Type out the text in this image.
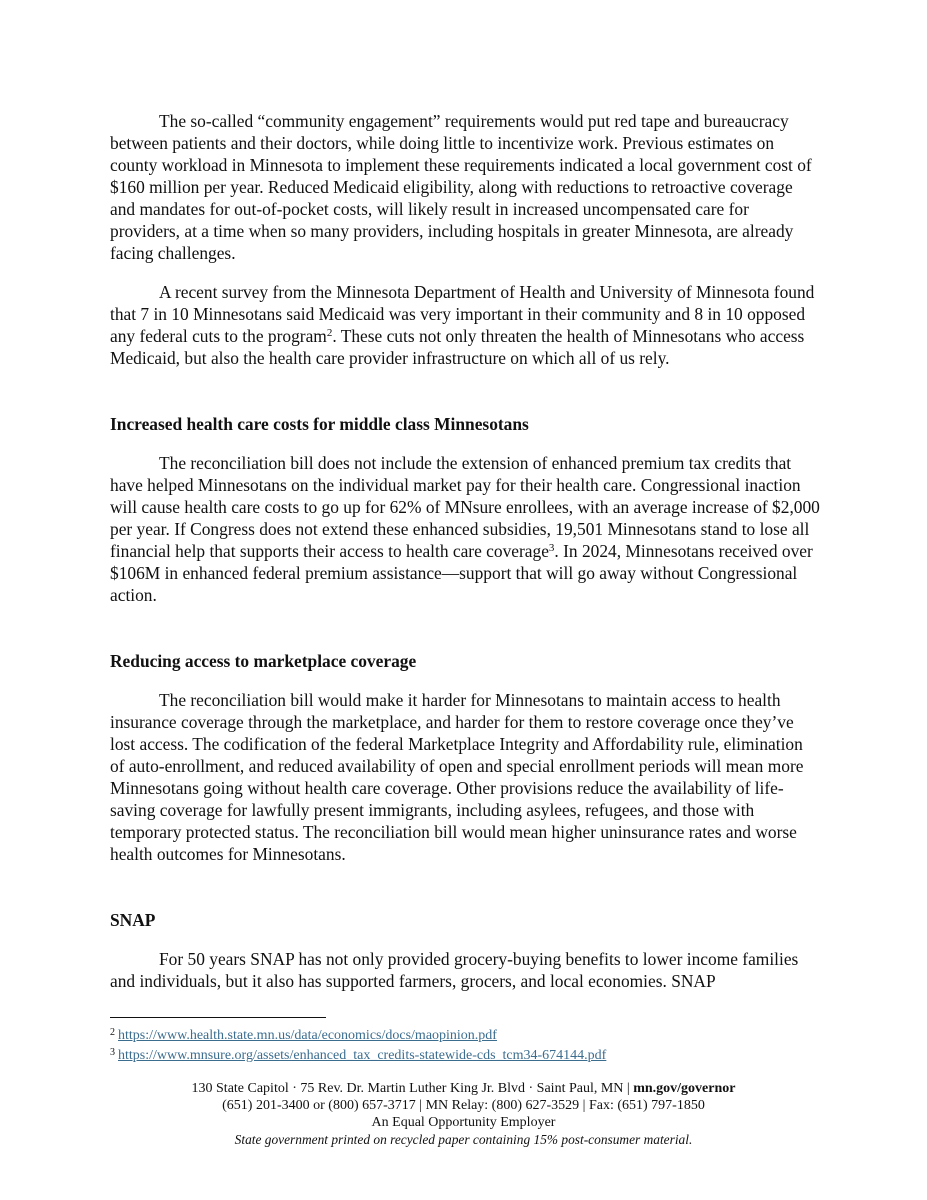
The so-called “community engagement” requirements would put red tape and bureaucracy between patients and their doctors, while doing little to incentivize work. Previous estimates on county workload in Minnesota to implement these requirements indicated a local government cost of $160 million per year. Reduced Medicaid eligibility, along with reductions to retroactive coverage and mandates for out-of-pocket costs, will likely result in increased uncompensated care for providers, at a time when so many providers, including hospitals in greater Minnesota, are already facing challenges.

A recent survey from the Minnesota Department of Health and University of Minnesota found that 7 in 10 Minnesotans said Medicaid was very important in their community and 8 in 10 opposed any federal cuts to the program$^2$. These cuts not only threaten the health of Minnesotans who access Medicaid, but also the health care provider infrastructure on which all of us rely.

Increased health care costs for middle class Minnesotans

The reconciliation bill does not include the extension of enhanced premium tax credits that have helped Minnesotans on the individual market pay for their health care. Congressional inaction will cause health care costs to go up for 62% of MNsure enrollees, with an average increase of $2,000 per year. If Congress does not extend these enhanced subsidies, 19,501 Minnesotans stand to lose all financial help that supports their access to health care coverage$^3$. In 2024, Minnesotans received over $106M in enhanced federal premium assistance—support that will go away without Congressional action.

Reducing access to marketplace coverage

The reconciliation bill would make it harder for Minnesotans to maintain access to health insurance coverage through the marketplace, and harder for them to restore coverage once they’ve lost access. The codification of the federal Marketplace Integrity and Affordability rule, elimination of auto-enrollment, and reduced availability of open and special enrollment periods will mean more Minnesotans going without health care coverage. Other provisions reduce the availability of life-saving coverage for lawfully present immigrants, including asylees, refugees, and those with temporary protected status. The reconciliation bill would mean higher uninsurance rates and worse health outcomes for Minnesotans.

SNAP

For 50 years SNAP has not only provided grocery-buying benefits to lower income families and individuals, but it also has supported farmers, grocers, and local economies. SNAP

$^2$ https://www.health.state.mn.us/data/economics/docs/maopinion.pdf
$^3$ https://www.mnsure.org/assets/enhanced_tax_credits-statewide-cds_tcm34-674144.pdf
130 State Capitol · 75 Rev. Dr. Martin Luther King Jr. Blvd · Saint Paul, MN | mn.gov/governor
(651) 201-3400 or (800) 657-3717 | MN Relay: (800) 627-3529 | Fax: (651) 797-1850
An Equal Opportunity Employer
State government printed on recycled paper containing 15% post-consumer material.
